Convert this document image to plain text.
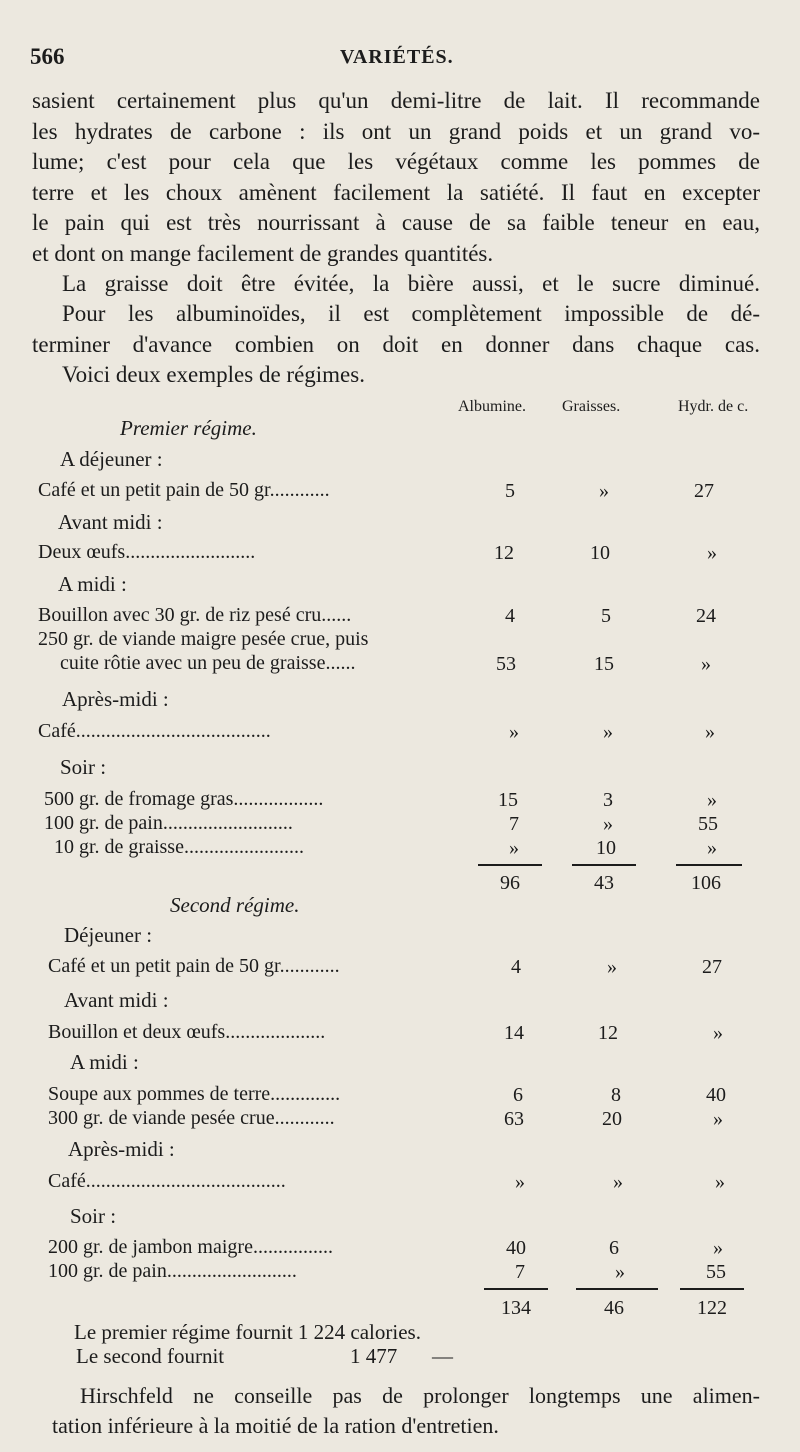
566	VARIÉTÉS.
sasient certainement plus qu'un demi-litre de lait. Il recommande
les hydrates de carbone : ils ont un grand poids et un grand vo-
lume; c'est pour cela que les végétaux comme les pommes de
terre et les choux amènent facilement la satiété. Il faut en excepter
le pain qui est très nourrissant à cause de sa faible teneur en eau,
et dont on mange facilement de grandes quantités.
La graisse doit être évitée, la bière aussi, et le sucre diminué.
Pour les albuminoïdes, il est complètement impossible de dé-
terminer d'avance combien on doit en donner dans chaque cas.
Voici deux exemples de régimes.
Albumine. Graisses.	Hydr. de c.
Premier régime.
A déjeuner :
Café et un petit pain de 50 gr............	5	»	27
Avant midi :
Deux œufs..........................	12	10	»
A midi :
Bouillon avec 30 gr. de riz pesé cru......	4	5	24
250 gr. de viande maigre pesée crue, puis
cuite rôtie avec un peu de graisse......	53	15	»
Après-midi :
Café.......................................	»	»	»
Soir :
500 gr. de fromage gras..................	15	3	»
100 gr. de pain..........................	7	»	55
10 gr. de graisse........................	»	10	»
96	43	106
Second régime.
Déjeuner :
Café et un petit pain de 50 gr............	4	»	27
Avant midi :
Bouillon et deux œufs....................	14	12	»
A midi :
Soupe aux pommes de terre..............	6	8	40
300 gr. de viande pesée crue............	63	20	»
Après-midi :
Café........................................	»	»	»
Soir :
200 gr. de jambon maigre................	40	6	»
100 gr. de pain..........................	7	»	55
134	46	122
Le premier régime fournit 1 224 calories.
Le second fournit	1 477 —
Hirschfeld ne conseille pas de prolonger longtemps une alimen-
tation inférieure à la moitié de la ration d'entretien.
